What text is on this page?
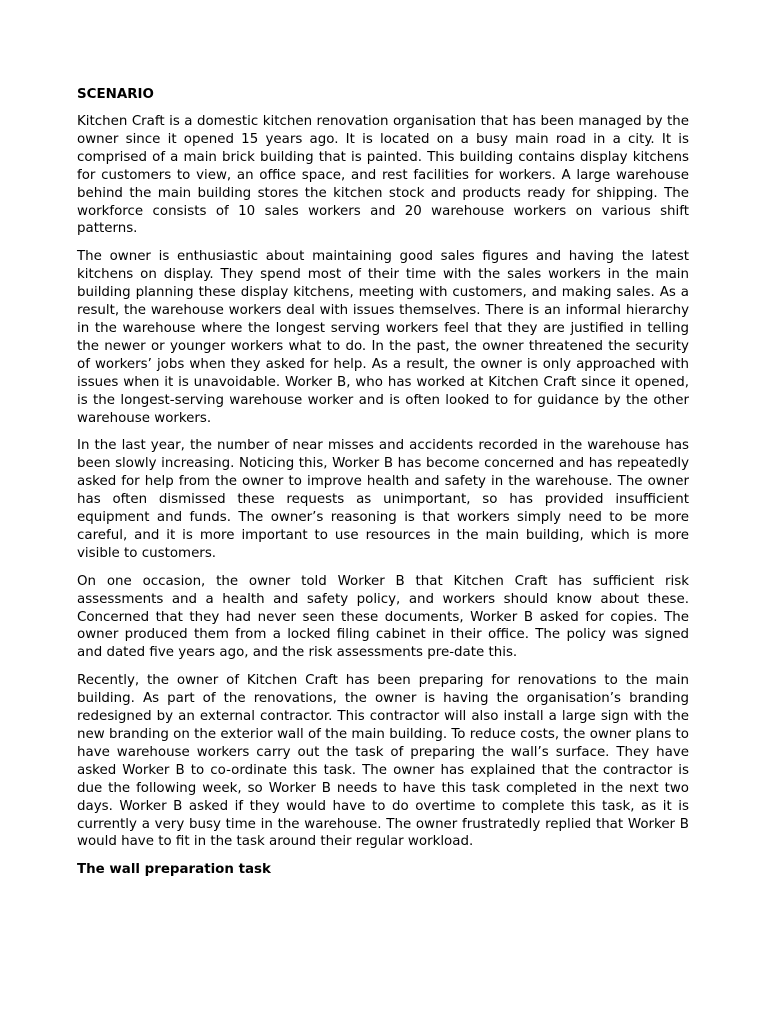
SCENARIO

Kitchen Craft is a domestic kitchen renovation organisation that has been managed by the owner since it opened 15 years ago. It is located on a busy main road in a city. It is comprised of a main brick building that is painted. This building contains display kitchens for customers to view, an office space, and rest facilities for workers. A large warehouse behind the main building stores the kitchen stock and products ready for shipping. The workforce consists of 10 sales workers and 20 warehouse workers on various shift patterns.

The owner is enthusiastic about maintaining good sales figures and having the latest kitchens on display. They spend most of their time with the sales workers in the main building planning these display kitchens, meeting with customers, and making sales. As a result, the warehouse workers deal with issues themselves. There is an informal hierarchy in the warehouse where the longest serving workers feel that they are justified in telling the newer or younger workers what to do. In the past, the owner threatened the security of workers’ jobs when they asked for help. As a result, the owner is only approached with issues when it is unavoidable. Worker B, who has worked at Kitchen Craft since it opened, is the longest-serving warehouse worker and is often looked to for guidance by the other warehouse workers.

In the last year, the number of near misses and accidents recorded in the warehouse has been slowly increasing. Noticing this, Worker B has become concerned and has repeatedly asked for help from the owner to improve health and safety in the warehouse. The owner has often dismissed these requests as unimportant, so has provided insufficient equipment and funds. The owner’s reasoning is that workers simply need to be more careful, and it is more important to use resources in the main building, which is more visible to customers.

On one occasion, the owner told Worker B that Kitchen Craft has sufficient risk assessments and a health and safety policy, and workers should know about these. Concerned that they had never seen these documents, Worker B asked for copies. The owner produced them from a locked filing cabinet in their office. The policy was signed and dated five years ago, and the risk assessments pre-date this.

Recently, the owner of Kitchen Craft has been preparing for renovations to the main building. As part of the renovations, the owner is having the organisation’s branding redesigned by an external contractor. This contractor will also install a large sign with the new branding on the exterior wall of the main building. To reduce costs, the owner plans to have warehouse workers carry out the task of preparing the wall’s surface. They have asked Worker B to co-ordinate this task. The owner has explained that the contractor is due the following week, so Worker B needs to have this task completed in the next two days. Worker B asked if they would have to do overtime to complete this task, as it is currently a very busy time in the warehouse. The owner frustratedly replied that Worker B would have to fit in the task around their regular workload.

The wall preparation task
